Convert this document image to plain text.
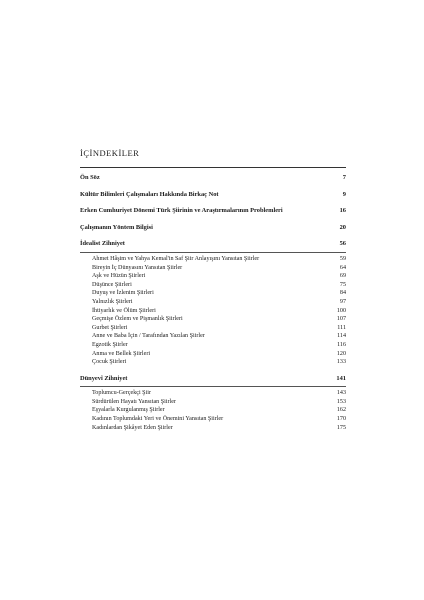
İÇİNDEKİLER
Ön Söz	7
Kültür Bilimleri Çalışmaları Hakkında Birkaç Not	9
Erken Cumhuriyet Dönemi Türk Şiirinin ve Araştırmalarının Problemleri	16
Çalışmanın Yöntem Bilgisi	20
İdealist Zihniyet	56
Ahmet Hâşim ve Yahya Kemal'in Saf Şiir Anlayışını Yansıtan Şiirler	59
Bireyin İç Dünyasını Yansıtan Şiirler	64
Aşk ve Hüzün Şiirleri	69
Düşünce Şiirleri	75
Duyuş ve İzlenim Şiirleri	84
Yalnızlık Şiirleri	97
İhtiyarlık ve Ölüm Şiirleri	100
Geçmişe Özlem ve Pişmanlık Şiirleri	107
Gurbet Şiirleri	111
Anne ve Baba İçin / Tarafından Yazılan Şiirler	114
Egzotik Şiirler	116
Anma ve Bellek Şiirleri	120
Çocuk Şiirleri	133
Dünyevî Zihniyet	141
Toplumcu-Gerçekçi Şiir	143
Sürdürülen Hayatı Yansıtan Şiirler	153
Eşyalarla Kurgulanmış Şiirler	162
Kadının Toplumdaki Yeri ve Önemini Yansıtan Şiirler	170
Kadınlardan Şikâyet Eden Şiirler	175
